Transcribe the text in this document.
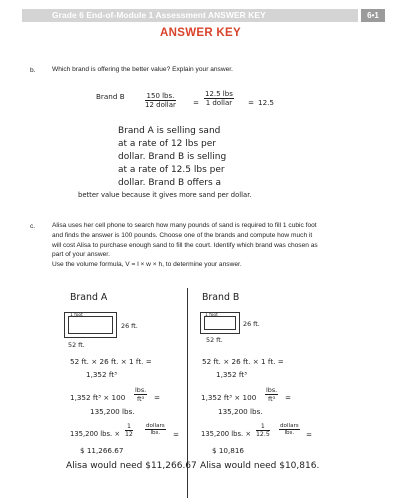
Grade 6 End-of-Module 1 Assessment ANSWER KEY	6•1
ANSWER KEY
b.	Which brand is offering the better value? Explain your answer.
Brand B	150 lbs.
12 dollar =
12.5 lbs
1 dollar = 12.5
Brand A is selling sand
at a rate of 12 lbs per
dollar. Brand B is selling
at a rate of 12.5 lbs per
dollar. Brand B offers a
better value because it gives more sand per dollar.
c.	Alisa uses her cell phone to search how many pounds of sand is required to fill 1 cubic foot
and finds the answer is 100 pounds. Choose one of the brands and compute how much it
will cost Alisa to purchase enough sand to fill the court. Identify which brand was chosen as
part of your answer.
Use the volume formula, V = l × w × h, to determine your answer.
Brand A
1 foot
26 ft.
52 ft.
52 ft. × 26 ft. × 1 ft. =
1,352 ft³
1,352 ft³ × 100
lbs.
ft³	=
135,200 lbs.
135,200 lbs. × $\frac{1}{12}$ dollars
lbs.	=
$ 11,266.67
Alisa would need $11,266.67
Brand B
1 foot
26 ft.
52 ft.
52 ft. × 26 ft. × 1 ft. =
1,352 ft³
1,352 ft³ × 100
lbs.
ft³	=
135,200 lbs.
135,200 lbs. × $\frac{1}{12.5}$ dollars
lbs.	=
$ 10,816
Alisa would need $10,816.
